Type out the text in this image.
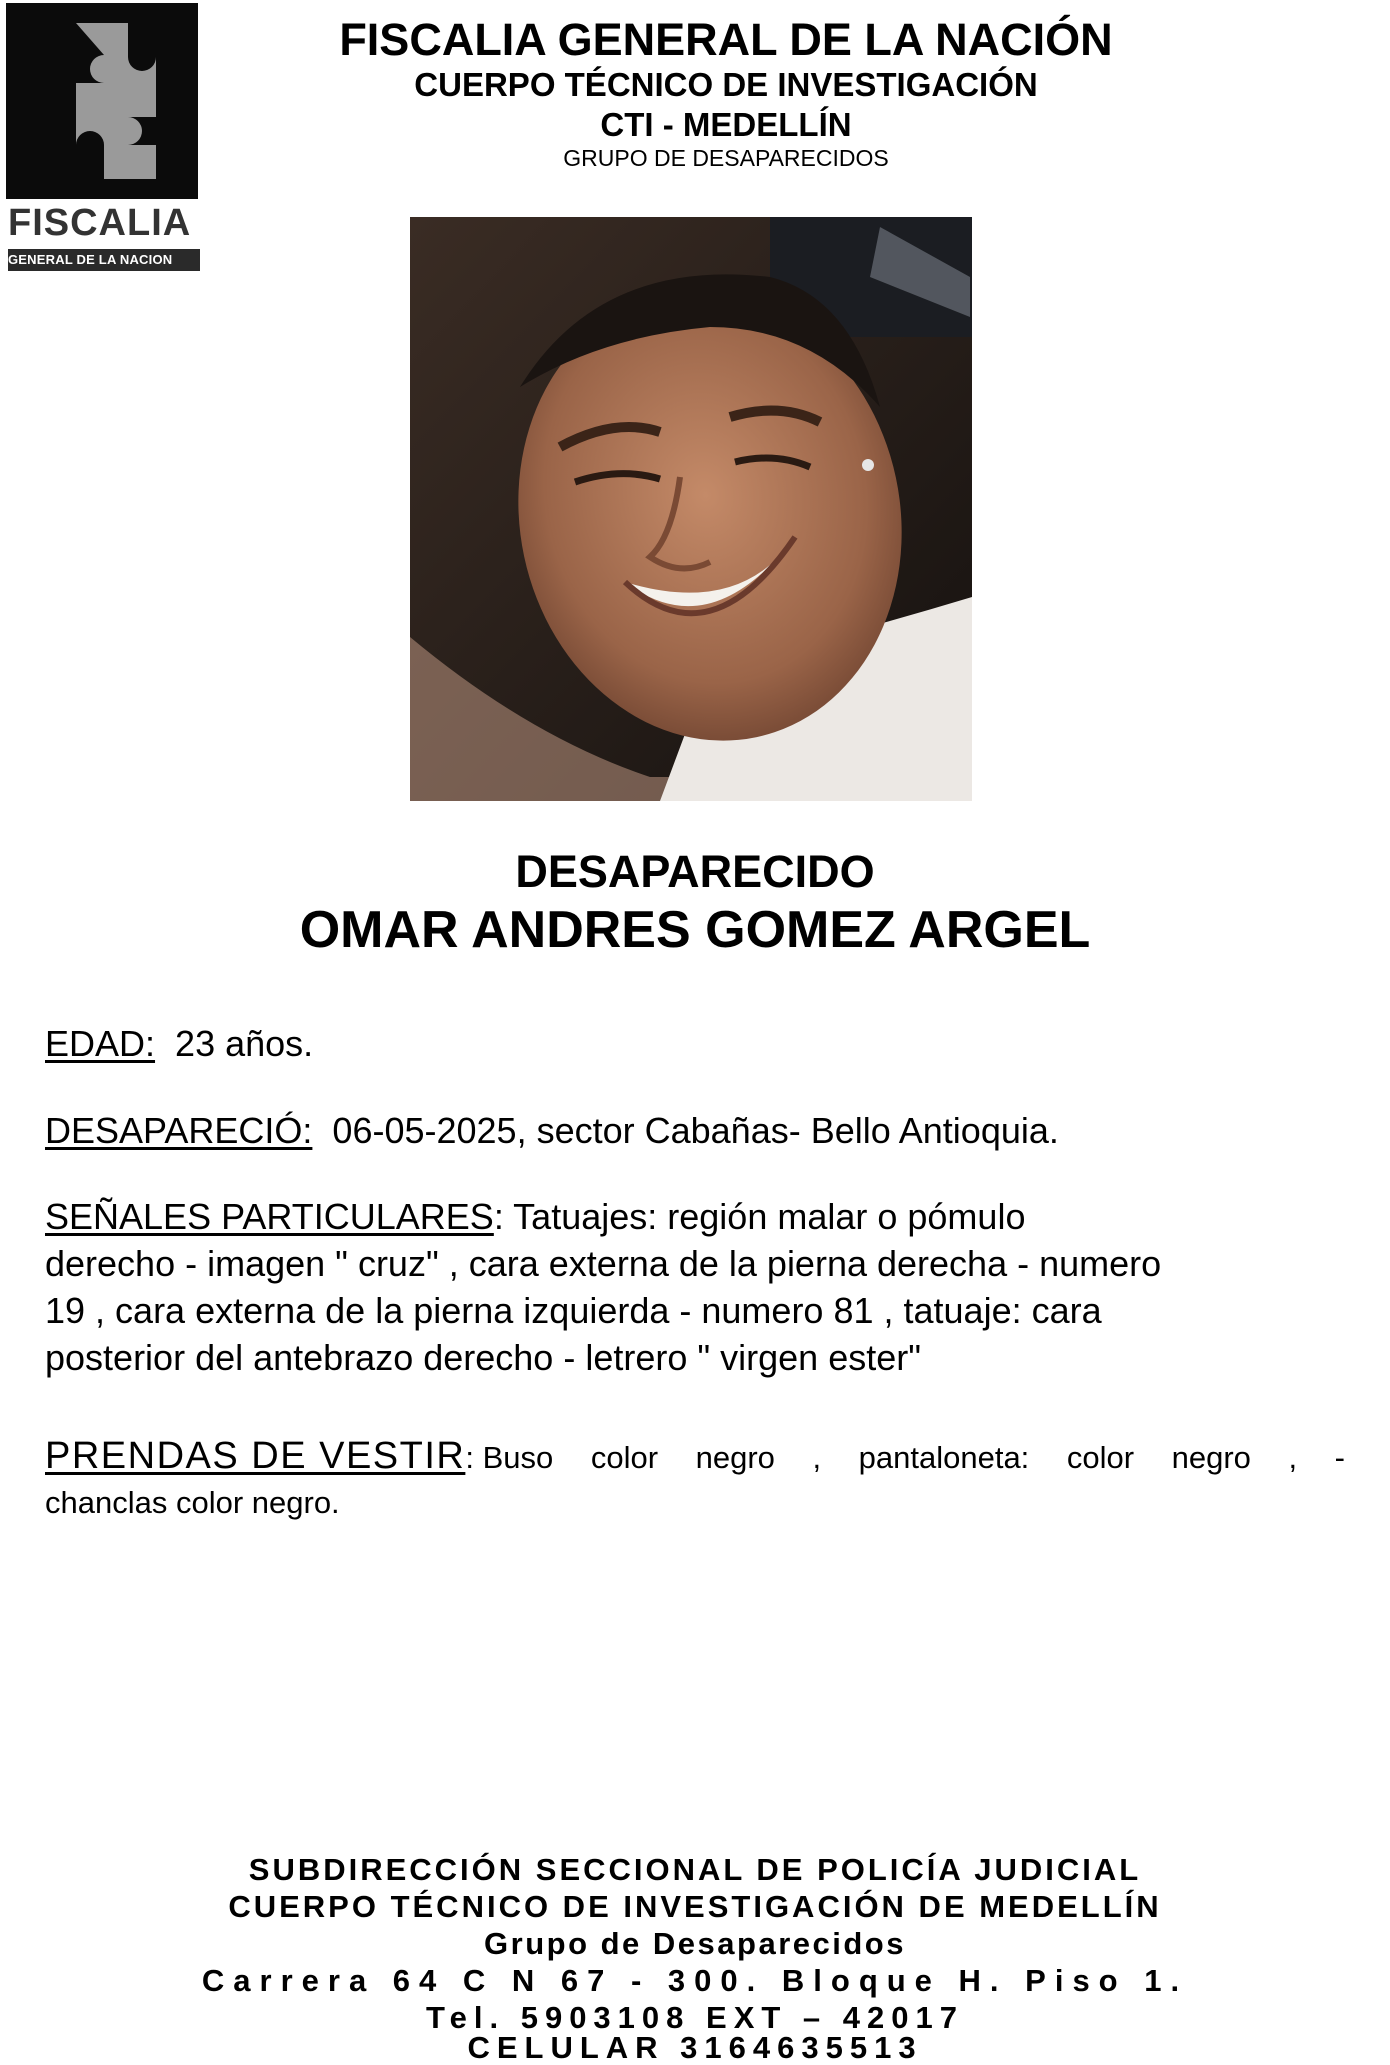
FISCALIA
GENERAL DE LA NACION
FISCALIA GENERAL DE LA NACIÓN
CUERPO TÉCNICO DE INVESTIGACIÓN
CTI - MEDELLÍN
GRUPO DE DESAPARECIDOS
DESAPARECIDO
OMAR ANDRES GOMEZ ARGEL
EDAD: 23 años.
DESAPARECIÓ: 06-05-2025, sector Cabañas- Bello Antioquia.
SEÑALES PARTICULARES: Tatuajes: región malar o pómulo
derecho - imagen " cruz" , cara externa de la pierna derecha - numero
19 , cara externa de la pierna izquierda - numero 81 , tatuaje: cara
posterior del antebrazo derecho - letrero " virgen ester"
PRENDAS DE VESTIR: Buso color negro , pantaloneta: color negro , -
chanclas color negro.
SUBDIRECCIÓN SECCIONAL DE POLICÍA JUDICIAL
CUERPO TÉCNICO DE INVESTIGACIÓN DE MEDELLÍN
Grupo de Desaparecidos
Carrera 64 C N 67 - 300. Bloque H. Piso 1.
Tel. 5903108 EXT – 42017
CELULAR 3164635513
